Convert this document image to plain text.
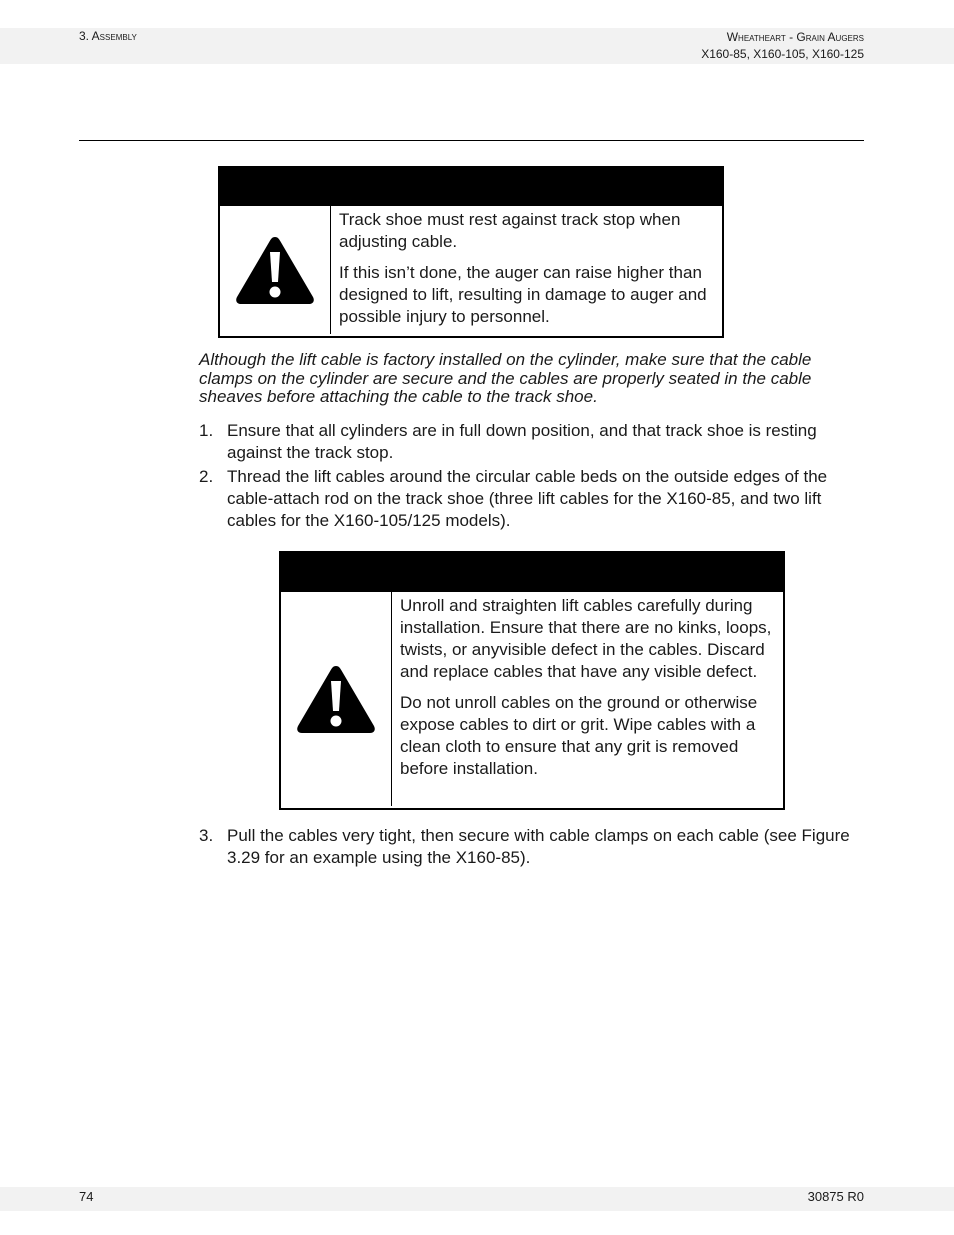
3. Assembly	Wheatheart - Grain Augers
X160-85, X160-105, X160-125

Track shoe must rest against track stop when adjusting cable.

If this isn’t done, the auger can raise higher than designed to lift, resulting in damage to auger and possible injury to personnel.

Although the lift cable is factory installed on the cylinder, make sure that the cable clamps on the cylinder are secure and the cables are properly seated in the cable sheaves before attaching the cable to the track shoe.
1. Ensure that all cylinders are in full down position, and that track shoe is resting against the track stop.
2. Thread the lift cables around the circular cable beds on the outside edges of the cable-attach rod on the track shoe (three lift cables for the X160-85, and two lift cables for the X160-105/125 models).

Unroll and straighten lift cables carefully during installation. Ensure that there are no kinks, loops, twists, or anyvisible defect in the cables. Discard and replace cables that have any visible defect.

Do not unroll cables on the ground or otherwise expose cables to dirt or grit. Wipe cables with a clean cloth to ensure that any grit is removed before installation.

3. Pull the cables very tight, then secure with cable clamps on each cable (see Figure 3.29 for an example using the X160-85).
74	30875 R0
